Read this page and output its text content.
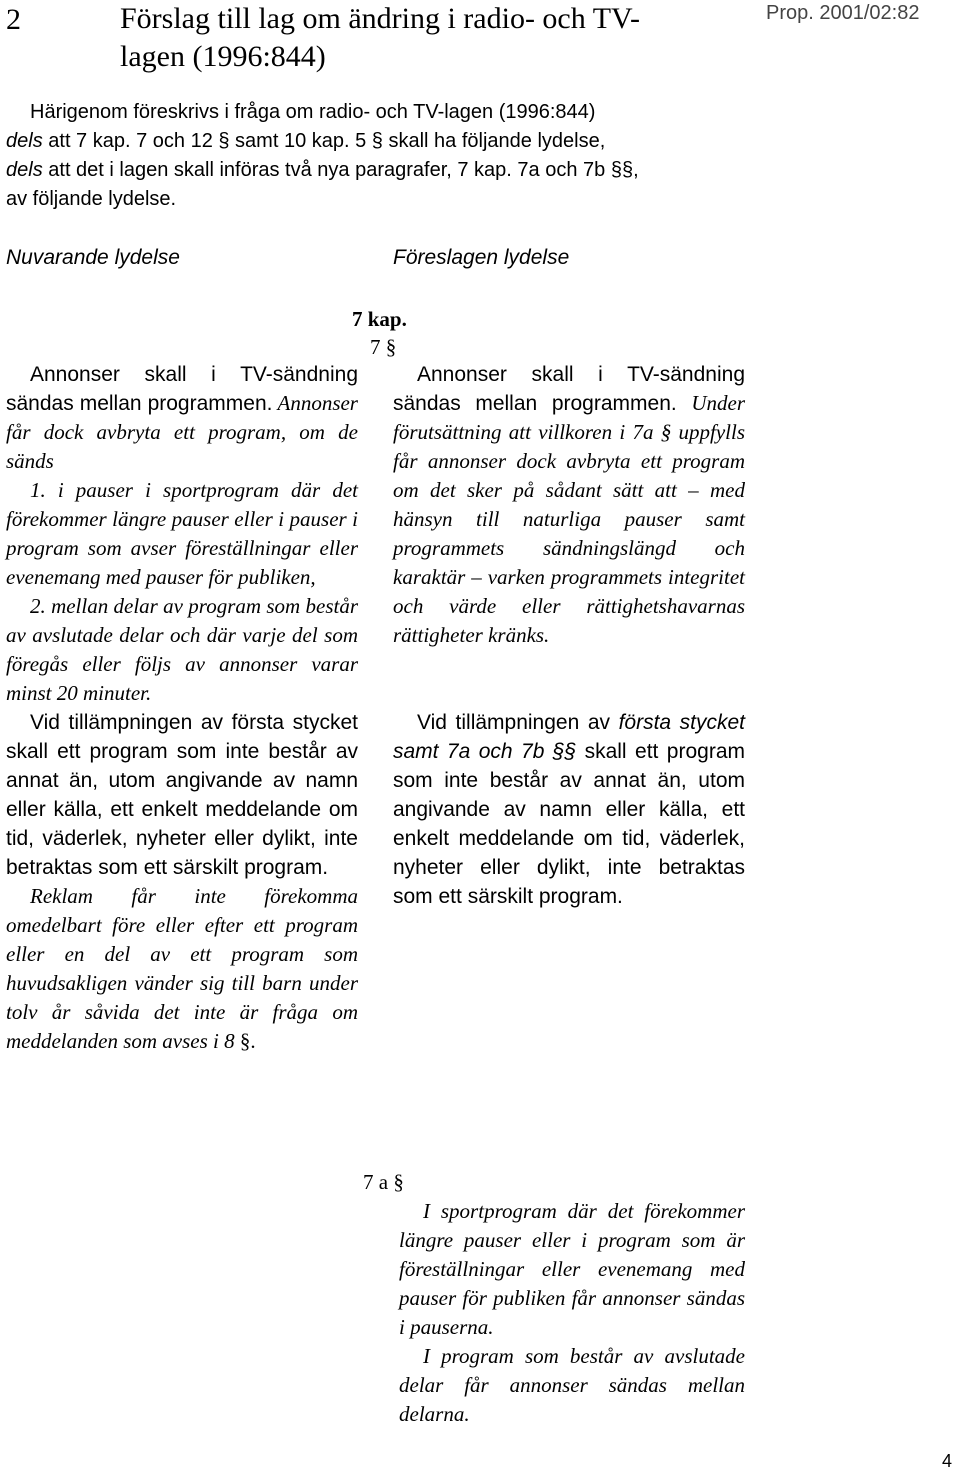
2	Förslag till lag om ändring i radio- och TV-
lagen (1996:844)
Prop. 2001/02:82
Härigenom föreskrivs i fråga om radio- och TV-lagen (1996:844)
dels att 7 kap. 7 och 12 § samt 10 kap. 5 § skall ha följande lydelse,
dels att det i lagen skall införas två nya paragrafer, 7 kap. 7a och 7b §§,
av följande lydelse.
Nuvarande lydelse	Föreslagen lydelse
7 kap.
7 §

Annonser skall i TV-sändning sändas mellan programmen. Annonser får dock avbryta ett program, om de sänds

1. i pauser i sportprogram där det förekommer längre pauser eller i pauser i program som avser föreställningar eller evenemang med pauser för publiken,

2. mellan delar av program som består av avslutade delar och där varje del som föregås eller följs av annonser varar minst 20 minuter.

Vid tillämpningen av första stycket skall ett program som inte består av annat än, utom angivande av namn eller källa, ett enkelt meddelande om tid, väderlek, nyheter eller dylikt, inte betraktas som ett särskilt program.

Reklam får inte förekomma omedelbart före eller efter ett program eller en del av ett program som huvudsakligen vänder sig till barn under tolv år såvida det inte är fråga om meddelanden som avses i 8 §.

Annonser skall i TV-sändning sändas mellan programmen. Under förutsättning att villkoren i 7a § uppfylls får annonser dock avbryta ett program om det sker på sådant sätt att – med hänsyn till naturliga pauser samt programmets sändningslängd och karaktär – varken programmets integritet och värde eller rättighetshavarnas rättigheter kränks.

Vid tillämpningen av första stycket samt 7a och 7b §§ skall ett program som inte består av annat än, utom angivande av namn eller källa, ett enkelt meddelande om tid, väderlek, nyheter eller dylikt, inte betraktas som ett särskilt program.

7 a §

I sportprogram där det förekommer längre pauser eller i program som är föreställningar eller evenemang med pauser för publiken får annonser sändas i pauserna.

I program som består av avslutade delar får annonser sändas mellan delarna.

4
